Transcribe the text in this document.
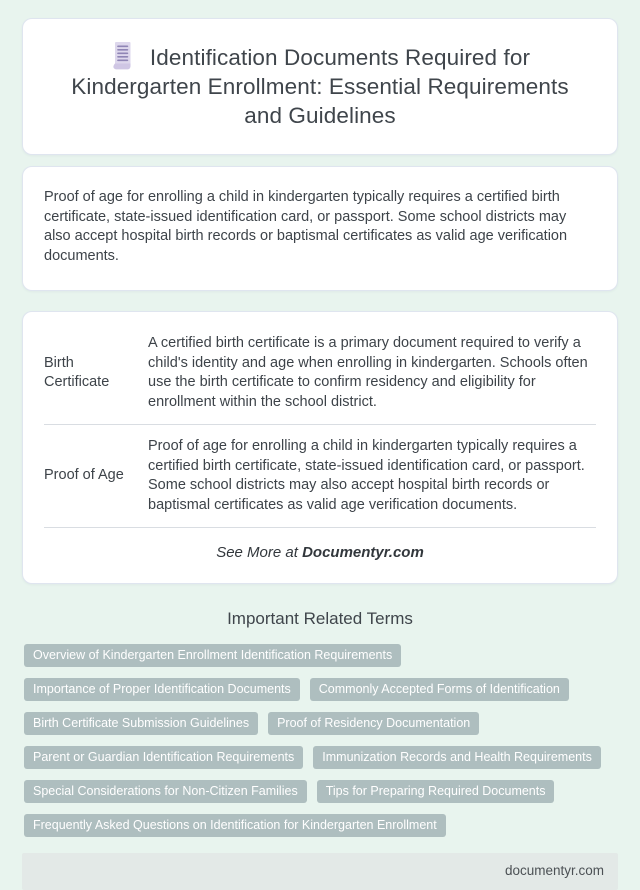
Identification Documents Required for Kindergarten Enrollment: Essential Requirements and Guidelines

Proof of age for enrolling a child in kindergarten typically requires a certified birth certificate, state-issued identification card, or passport. Some school districts may also accept hospital birth records or baptismal certificates as valid age verification documents.

Birth Certificate	A certified birth certificate is a primary document required to verify a child's identity and age when enrolling in kindergarten. Schools often use the birth certificate to confirm residency and eligibility for enrollment within the school district.
Proof of Age	Proof of age for enrolling a child in kindergarten typically requires a certified birth certificate, state-issued identification card, or passport. Some school districts may also accept hospital birth records or baptismal certificates as valid age verification documents.

See More at Documentyr.com

Important Related Terms
Overview of Kindergarten Enrollment Identification Requirements
Importance of Proper Identification Documents	Commonly Accepted Forms of Identification
Birth Certificate Submission Guidelines	Proof of Residency Documentation
Parent or Guardian Identification Requirements	Immunization Records and Health Requirements
Special Considerations for Non-Citizen Families	Tips for Preparing Required Documents
Frequently Asked Questions on Identification for Kindergarten Enrollment
documentyr.com
